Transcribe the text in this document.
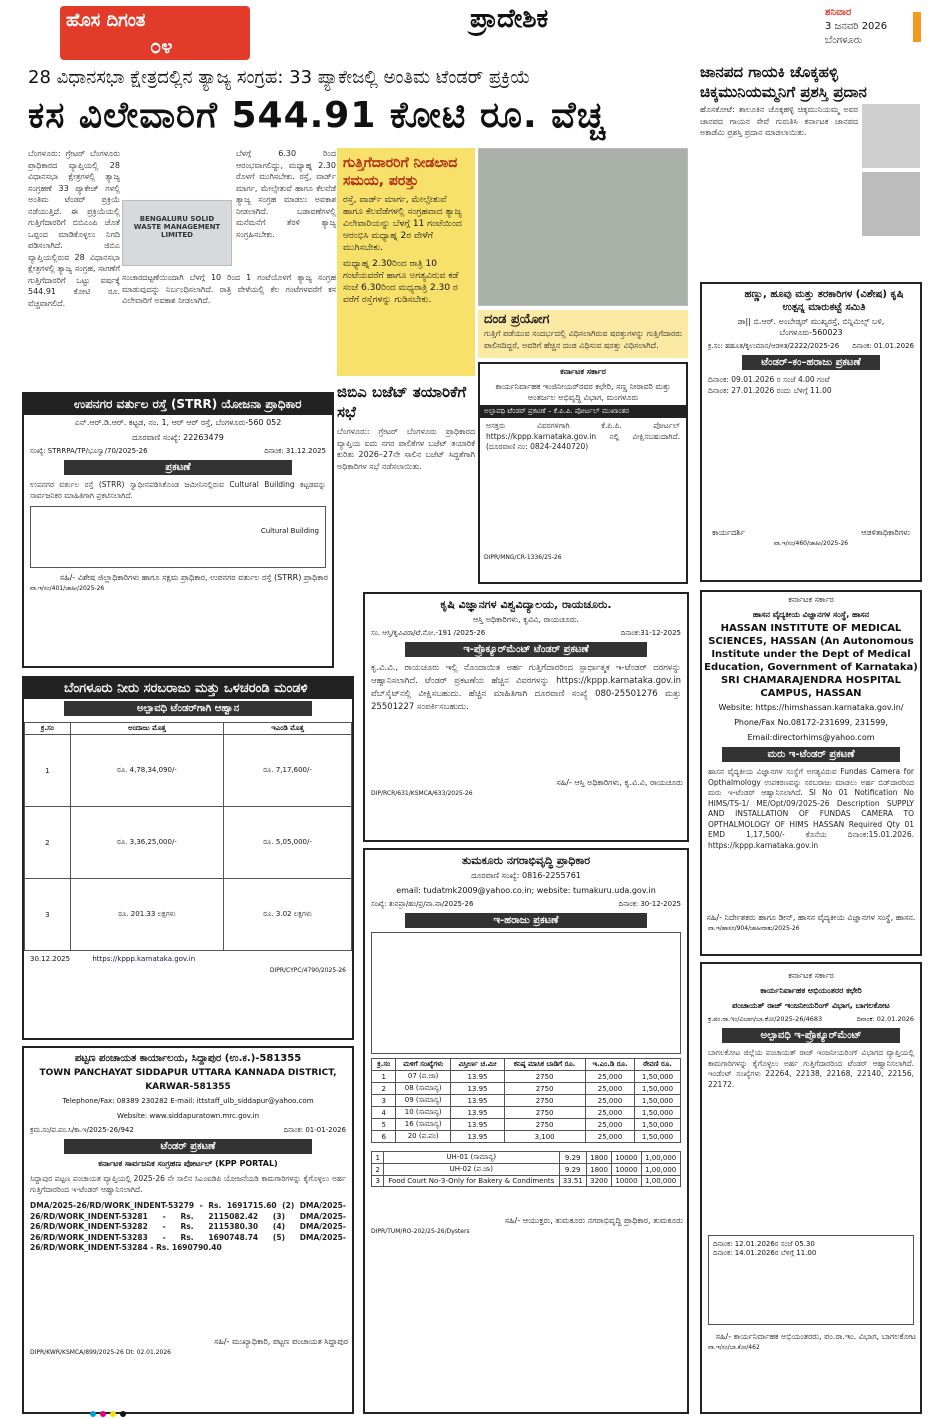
ಹೊಸ ದಿಗಂತ
೦೪
ಪ್ರಾದೇಶಿಕ	ಶನಿವಾರ
3 ಜನವರಿ 2026
ಬೆಂಗಳೂರು
28 ವಿಧಾನಸಭಾ ಕ್ಷೇತ್ರದಲ್ಲಿನ ತ್ಯಾಜ್ಯ ಸಂಗ್ರಹ: 33 ಪ್ಯಾಕೇಜಲ್ಲಿ ಅಂತಿಮ ಟೆಂಡರ್ ಪ್ರಕ್ರಿಯೆ
ಕಸ ವಿಲೇವಾರಿಗೆ 544.91 ಕೋಟಿ ರೂ. ವೆಚ್ಚ
ಬೆಂಗಳೂರು: ಗ್ರೇಟರ್ ಬೆಂಗಳೂರು ಪ್ರಾಧಿಕಾರದ ವ್ಯಾಪ್ತಿಯಲ್ಲಿ 28 ವಿಧಾನಸಭಾ ಕ್ಷೇತ್ರಗಳಲ್ಲಿ ತ್ಯಾಜ್ಯ ಸಂಗ್ರಹಣೆ 33 ಪ್ಯಾಕೇಜ್ ಗಳಲ್ಲಿ ಅಂತಿಮ ಟೆಂಡರ್ ಪ್ರಕ್ರಿಯೆ ನಡೆಯುತ್ತಿದೆ. ಈ ಪ್ರಕ್ರಿಯೆಯಲ್ಲಿ ಗುತ್ತಿಗೆದಾರರಿಗೆ ಬಿಬಿಎಂಪಿ ಜೊತೆ ಒಪ್ಪಂದ ಮಾಡಿಕೊಳ್ಳಲು ನಿಗದಿ ಪಡಿಸಲಾಗಿದೆ. ಜಿಬಿಎ ವ್ಯಾಪ್ತಿಯಲ್ಲಿರುವ 28 ವಿಧಾನಸಭಾ ಕ್ಷೇತ್ರಗಳಲ್ಲಿ ತ್ಯಾಜ್ಯ ಸಂಗ್ರಹ, ಸಾಗಣೆಗೆ ಗುತ್ತಿಗೆದಾರರಿಗೆ ಒಟ್ಟು ವರ್ಷಕ್ಕೆ 544.91 ಕೋಟಿ ರೂ. ವೆಚ್ಚವಾಗಲಿದೆ.
BENGALURU SOLID WASTE MANAGEMENT LIMITED
ಬೆಳಗ್ಗೆ 6.30 ರಿಂದ ಆರಂಭವಾಗಲಿದ್ದು, ಮಧ್ಯಾಹ್ನ 2.30 ರೊಳಗೆ ಮುಗಿಸಬೇಕು. ರಸ್ತೆ, ವಾರ್ಡ್ ಮಾರ್ಗ, ಮೇಲ್ಸೇತುವೆ ಹಾಗೂ ಕೆಲವೆಡೆ ತ್ಯಾಜ್ಯ ಸಂಗ್ರಹ ಮಾಡಲು ಅವಕಾಶ ನೀಡಲಾಗಿದೆ. ಬಡಾವಣೆಗಳಲ್ಲಿ ಮನೆಮನೆಗೆ ತೆರಳಿ ತ್ಯಾಜ್ಯ ಸಂಗ್ರಹಿಸಬೇಕು.
ಸಂಚಾರದಟ್ಟಣೆಯಿಂದಾಗಿ ಬೆಳಗ್ಗೆ 10 ರಿಂದ 1 ಗಂಟೆಯೊಳಗೆ ತ್ಯಾಜ್ಯ ಸಂಗ್ರಹ ಮಾಡುವುದನ್ನು ನಿರ್ಬಂಧಿಸಲಾಗಿದೆ. ರಾತ್ರಿ ವೇಳೆಯಲ್ಲಿ ಕೆಲ ಗಂಟೆಗಳವರೆಗೆ ಕಸ ವಿಲೇವಾರಿಗೆ ಅವಕಾಶ ನೀಡಲಾಗಿದೆ.
ಗುತ್ತಿಗೆದಾರರಿಗೆ ನೀಡಲಾದ ಸಮಯ, ಪರತ್ತು
ರಸ್ತೆ, ವಾರ್ಡ್ ಮಾರ್ಗ, ಮೇಲ್ಸೇತುವೆ ಹಾಗೂ ಕೆಲವೆಡೆಗಳಲ್ಲಿ ಸಂಗ್ರಹವಾದ ತ್ಯಾಜ್ಯ ವಿಲೇವಾರಿಯನ್ನು ಬೆಳಗ್ಗೆ 11 ಗಂಟೆಯಿಂದ ಆರಂಭಿಸಿ ಮಧ್ಯಾಹ್ನ 2ರ ವೇಳೆಗೆ ಮುಗಿಸಬೇಕು.
ಮಧ್ಯಾಹ್ನ 2.30ರಿಂದ ರಾತ್ರಿ 10 ಗಂಟೆಯವರೆಗೆ ಹಾಗೂ ಅಗತ್ಯವಿರುವ ಕಡೆ ಸಂಜೆ 6.30ರಿಂದ ಮಧ್ಯರಾತ್ರಿ 2.30 ರ ವರೆಗೆ ರಸ್ತೆಗಳನ್ನು ಗುಡಿಸಬೇಕು.
ದಂಡ ಪ್ರಯೋಗ
ಗುತ್ತಿಗೆ ಪಡೆಯುವ ಸಂದರ್ಭದಲ್ಲಿ ವಿಧಿಸಲಾಗಿರುವ ಷರತ್ತುಗಳನ್ನು ಗುತ್ತಿಗೆದಾರರು ಪಾಲಿಸದಿದ್ದರೆ, ಅವರಿಗೆ ಹೆಚ್ಚಿನ ದಂಡ ವಿಧಿಸುವ ಷರತ್ತು ವಿಧಿಸಲಾಗಿದೆ.
ಜಾನಪದ ಗಾಯಕಿ ಚೊಕ್ಕಹಳ್ಳಿ ಚಿಕ್ಕಮುನಿಯಮ್ಮನಿಗೆ ಪ್ರಶಸ್ತಿ ಪ್ರದಾನ
ಹೊಸಕೋಟೆ: ತಾಲೂಕಿನ ಚೊಕ್ಕಹಳ್ಳಿ ಚಿಕ್ಕಮುನಿಯಮ್ಮ ಅವರ ಜಾನಪದ ಗಾಯನ ಸೇವೆ ಗುರುತಿಸಿ ಕರ್ನಾಟಕ ಜಾನಪದ ಅಕಾಡೆಮಿ ಪ್ರಶಸ್ತಿ ಪ್ರದಾನ ಮಾಡಲಾಯಿತು.
ಹಣ್ಣು, ಹೂವು ಮತ್ತು ತರಕಾರಿಗಳ (ವಿಶೇಷ) ಕೃಷಿ ಉತ್ಪನ್ನ ಮಾರುಕಟ್ಟೆ ಸಮಿತಿ
ಡಾ|| ಬಿ.ಆರ್. ಅಂಬೇಡ್ಕರ್ ಮುಖ್ಯರಸ್ತೆ, ಬಿನ್ನಿಮಿಲ್ಸ್ ಬಳಿ, ಬೆಂಗಳೂರು-560023
ಕ್ರ.ಸಂ: ಹಹೂತ/ಕೃಉಮಾಸ/ಆಡಳಿತ/2222/2025-26 ದಿನಾಂಕ: 01.01.2026
ಟೆಂಡರ್–ಕಂ–ಹರಾಜು ಪ್ರಕಟಣೆ
ದಿನಾಂಕ: 09.01.2026 ರ ಸಂಜೆ 4.00 ಗಂಟೆ
ದಿನಾಂಕ: 27.01.2026 ರಂದು ಬೆಳಿಗ್ಗೆ 11.00
ಕಾರ್ಯದರ್ಶಿ	ಆಡಳಿತಾಧಿಕಾರಿಗಳು
ವಾ.ಇ/ಸಂ/460/ಜಾಹೀ/2025-26
ಜಿಬಿಎ ಬಜೆಟ್ ತಯಾರಿಕೆಗೆ ಸಭೆ
ಬೆಂಗಳೂರು: ಗ್ರೇಟರ್ ಬೆಂಗಳೂರು ಪ್ರಾಧಿಕಾರದ ವ್ಯಾಪ್ತಿಯ ಐದು ನಗರ ಪಾಲಿಕೆಗಳ ಬಜೆಟ್ ತಯಾರಿಕೆ ಕುರಿತು 2026–27ನೇ ಸಾಲಿನ ಬಜೆಟ್ ಸಿದ್ಧತೆಗಾಗಿ ಅಧಿಕಾರಿಗಳ ಸಭೆ ನಡೆಸಲಾಯಿತು.
ಕರ್ನಾಟಕ ಸರ್ಕಾರ
ಕಾರ್ಯನಿರ್ವಾಹಕ ಇಂಜಿನೀಯರ್‌ರವರ ಕಛೇರಿ, ಸಣ್ಣ ನೀರಾವರಿ ಮತ್ತು ಅಂತರ್ಜಲ ಅಭಿವೃದ್ಧಿ ವಿಭಾಗ, ಮಂಗಳೂರು
ಅಲ್ಪಾವಧಿ ಟೆಂಡರ್ ಪ್ರಕಟಣೆ – ಕೆ.ಪಿ.ಪಿ. ಪೋರ್ಟಲ್ ಮುಖಾಂತರ
ಆಸಕ್ತರು ವಿವರಗಳಿಗಾಗಿ ಕೆ.ಪಿ.ಪಿ. ಪೋರ್ಟಲ್ https://kppp.karnataka.gov.in ನಲ್ಲಿ ವೀಕ್ಷಿಸಬಹುದಾಗಿದೆ. (ದೂರವಾಣಿ ನಂ: 0824-2440720)
DIPR/MNG/CR-1336/25-26
ಉಪನಗರ ವರ್ತುಲ ರಸ್ತೆ (STRR) ಯೋಜನಾ ಪ್ರಾಧಿಕಾರ
ಎನ್.ಆರ್.ಡಿ.ಆರ್. ಕಟ್ಟಡ, ನಂ. 1, ಆರ್ ಆರ್ ರಸ್ತೆ, ಬೆಂಗಳೂರು-560 052
ದೂರವಾಣಿ ಸಂಖ್ಯೆ: 22263479
ಸಂಖ್ಯೆ: STRRPA/TP/ಭೂಸ್ವಾ/70/2025-26	ದಿನಾಂಕ: 31.12.2025
ಪ್ರಕಟಣೆ
ಉಪನಗರ ವರ್ತುಲ ರಸ್ತೆ (STRR) ಸ್ವಾಧೀನಪಡಿಸಿಕೊಂಡ ಜಮೀನಿನಲ್ಲಿರುವ Cultural Building ಕಟ್ಟಡವನ್ನು ಸಾರ್ವಜನಿಕರ ಮಾಹಿತಿಗಾಗಿ ಪ್ರಕಟಿಸಲಾಗಿದೆ.
Cultural Building
ಸಹಿ/- ವಿಶೇಷ ಜಿಲ್ಲಾಧಿಕಾರಿಗಳು ಹಾಗೂ ಸಕ್ಷಮ ಪ್ರಾಧಿಕಾರ, ಉಪನಗರ ವರ್ತುಲ ರಸ್ತೆ (STRR) ಪ್ರಾಧಿಕಾರ
ವಾ.ಇ/ಸಂ/401/ಜಾಹೀ/2025-26
ಬೆಂಗಳೂರು ನೀರು ಸರಬರಾಜು ಮತ್ತು ಒಳಚರಂಡಿ ಮಂಡಳಿ
ಅಲ್ಪಾವಧಿ ಟೆಂಡರ್‌ಗಾಗಿ ಆಹ್ವಾನ
ಕ್ರ.ಸಂ	ಅಂದಾಜು ಮೊತ್ತ	ಇಎಂಡಿ ಮೊತ್ತ
1	ರೂ. 4,78,34,090/-	ರೂ. 7,17,600/-
2	ರೂ. 3,36,25,000/-	ರೂ. 5,05,000/-
3	ರೂ. 201.33 ಲಕ್ಷಗಳು	ರೂ. 3.02 ಲಕ್ಷಗಳು
30.12.2025	https://kppp.karnataka.gov.in
DIPR/CYPC/4790/2025-26
ಕೃಷಿ ವಿಜ್ಞಾನಗಳ ವಿಶ್ವವಿದ್ಯಾಲಯ, ರಾಯಚೂರು.
ಆಸ್ತಿ ಅಧಿಕಾರಿಗಳು, ಕೃವಿವಿ, ರಾಯಚೂರು.
ಸಂ. ಆಸ್ತಿ/ಕೃವಿವಿರಾ/ಟೆ.ನೋ.-191 /2025-26	ದಿನಾಂಕ:31-12-2025
ಇ-ಪ್ರೊಕ್ಯೂರ್‌ಮೆಂಟ್ ಟೆಂಡರ್ ಪ್ರಕಟಣೆ
ಕೃ.ವಿ.ವಿ., ರಾಯಚೂರು ಇಲ್ಲಿ ನೊಂದಾಯಿತ ಅರ್ಹ ಗುತ್ತಿಗೆದಾರರಿಂದ ಸ್ಪಾರ್ಧಾತ್ಮಕ ಇ-ಟೆಂಡರ್ ದರಗಳನ್ನು ಆಹ್ವಾನಿಸಲಾಗಿದೆ. ಟೆಂಡರ್ ಪ್ರಕಟಣೆಯ ಹೆಚ್ಚಿನ ವಿವರಗಳನ್ನು https://kppp.karnataka.gov.in ವೆಬ್‌ಸೈಟ್‌ನಲ್ಲಿ ವೀಕ್ಷಿಸಬಹುದು. ಹೆಚ್ಚಿನ ಮಾಹಿತಿಗಾಗಿ ದೂರವಾಣಿ ಸಂಖ್ಯೆ 080-25501276 ಮತ್ತು 25501227 ಸಂಪರ್ಕಿಸಬಹುದು.
ಸಹಿ/- ಆಸ್ತಿ ಅಧಿಕಾರಿಗಳು, ಕೃ.ವಿ.ವಿ, ರಾಯಚೂರು
DIP/RCR/631/KSMCA/633/2025-26
ಕರ್ನಾಟಕ ಸರ್ಕಾರ
ಹಾಸನ ವೈದ್ಯಕೀಯ ವಿಜ್ಞಾನಗಳ ಸಂಸ್ಥೆ, ಹಾಸನ
HASSAN INSTITUTE OF MEDICAL SCIENCES, HASSAN (An Autonomous Institute under the Dept of Medical Education, Government of Karnataka) SRI CHAMARAJENDRA HOSPITAL CAMPUS, HASSAN
Website: https://himshassan.karnataka.gov.in/
Phone/Fax No.08172-231699, 231599,
Email:directorhims@yahoo.com
ಮರು ಇ-ಟೆಂಡರ್ ಪ್ರಕಟಣೆ
ಹಾಸನ ವೈದ್ಯಕೀಯ ವಿಜ್ಞಾನಗಳ ಸಂಸ್ಥೆಗೆ ಅಗತ್ಯವಿರುವ Fundas Camera for Opthalmology ಉಪಕರಣವನ್ನು ಸರಬರಾಜು ಮಾಡಲು ಅರ್ಹ ಬಿಡ್‌ದಾರರಿಂದ ಮರು ಇ-ಟೆಂಡರ್ ಆಹ್ವಾನಿಸಲಾಗಿದೆ. Sl No 01 Notification No HIMS/TS-1/ ME/Opt/09/2025-26 Description SUPPLY AND INSTALLATION OF FUNDAS CAMERA TO OPTHALMOLOGY OF HIMS HASSAN Required Qty 01 EMD 1,17,500/- ಕೊನೆಯ ದಿನಾಂಕ:15.01.2026. https://kppp.karnataka.gov.in
ಸಹಿ/- ನಿರ್ದೇಶಕರು ಹಾಗೂ ಡೀನ್, ಹಾಸನ ವೈದ್ಯಕೀಯ ವಿಜ್ಞಾನಗಳ ಸಂಸ್ಥೆ, ಹಾಸನ.
ವಾ.ಇ/ಹಾಸನ/904/ಜಾಹೀರಾತು/2025-26
ತುಮಕೂರು ನಗರಾಭಿವೃದ್ಧಿ ಪ್ರಾಧಿಕಾರ
ದೂರವಾಣಿ ಸಂಖ್ಯೆ: 0816-2255761
email: tudatmk2009@yahoo.co.in; website: tumakuru.uda.gov.in
ಸಂಖ್ಯೆ: ತುನಪ್ರಾ/ಹಂ/ಪ್ರ/ವಾ.ವಾ/2025-26	ದಿನಾಂಕ: 30-12-2025
ಇ-ಹರಾಜು ಪ್ರಕಟಣೆ
ಕ್ರ.ಸಂ	ಮಳಿಗೆ ಸಂಖ್ಯೆಗಳು	ವಿಸ್ತೀರ್ಣ ಚ.ಮೀ	ಕನಿಷ್ಠ ಮಾಸಿಕ ಬಾಡಿಗೆ ರೂ.	ಇ.ಎಂ.ಡಿ ರೂ.	ಠೇವಣಿ ರೂ.
1	07 (ಪ.ಜಾ)	13.95	2750	25,000	1,50,000
2	08 (ಸಾಮಾನ್ಯ)	13.95	2750	25,000	1,50,000
3	09 (ಸಾಮಾನ್ಯ)	13.95	2750	25,000	1,50,000
4	10 (ಸಾಮಾನ್ಯ)	13.95	2750	25,000	1,50,000
5	16 (ಸಾಮಾನ್ಯ)	13.95	2750	25,000	1,50,000
6	20 (ಪ.ಪಂ)	13.95	3,100	25,000	1,50,000
1	UH-01 (ಸಾಮಾನ್ಯ)	9.29	1800	10000	1,00,000
2	UH-02 (ಪ.ಜಾ)	9.29	1800	10000	1,00,000
3	Food Court No-3-Only for Bakery & Condiments	33.51	3200	10000	1,00,000
ಸಹಿ/- ಆಯುಕ್ತರು, ತುಮಕೂರು ನಗರಾಭಿವೃದ್ಧಿ ಪ್ರಾಧಿಕಾರ, ತುಮಕೂರು
DIPR/TUM/RO-202/25-26/Dysters
ಪಟ್ಟಣ ಪಂಚಾಯತ ಕಾರ್ಯಾಲಯ, ಸಿದ್ದಾಪುರ (ಉ.ಕ.)-581355
TOWN PANCHAYAT SIDDAPUR UTTARA KANNADA DISTRICT, KARWAR-581355
Telephone/Fax: 08389 230282 E-mail: ittstaff_ulb_siddapur@yahoo.com
Website: www.siddapuratown.mrc.gov.in
ಕ್ರಮ.ಸಂ/ಪ.ಪಂ.ಸಿ/ಕಾ.ಇ/2025-26/942	ದಿನಾಂಕ: 01-01-2026
ಟೆಂಡರ್ ಪ್ರಕಟಣೆ
ಕರ್ನಾಟಕ ಸಾರ್ವಜನಿಕ ಸಂಗ್ರಹಣ ಪೋರ್ಟಲ್ (KPP PORTAL)
ಸಿದ್ದಾಪುರ ಪಟ್ಟಣ ಪಂಚಾಯತ ವ್ಯಾಪ್ತಿಯಲ್ಲಿ 2025-26 ನೇ ಸಾಲಿನ ಸಿಎಂಐಡಿಪಿ ಯೋಜನೆಯಡಿ ಕಾಮಗಾರಿಗಳನ್ನು ಕೈಗೊಳ್ಳಲು ಅರ್ಹ ಗುತ್ತಿಗೆದಾರರಿಂದ ಇ-ಟೆಂಡರ್ ಆಹ್ವಾನಿಸಲಾಗಿದೆ.
DMA/2025-26/RD/WORK_INDENT-53279 - Rs. 1691715.60 (2) DMA/2025-26/RD/WORK_INDENT-53281 - Rs. 2115082.42 (3) DMA/2025-26/RD/WORK_INDENT-53282 - Rs. 2115380.30 (4) DMA/2025-26/RD/WORK_INDENT-53283 - Rs. 1690748.74 (5) DMA/2025-26/RD/WORK_INDENT-53284 - Rs. 1690790.40
ಸಹಿ/- ಮುಖ್ಯಾಧಿಕಾರಿ, ಪಟ್ಟಣ ಪಂಚಾಯತ ಸಿದ್ದಾಪುರ
DIPR/KWR/KSMCA/899/2025-26 Dt: 02.01.2026
ಕರ್ನಾಟಕ ಸರ್ಕಾರ
ಕಾರ್ಯನಿರ್ವಾಹಕ ಅಭಿಯಂತರರ ಕಛೇರಿ
ಪಂಚಾಯತ್ ರಾಜ್ ಇಂಜನೀಯರಿಂಗ್ ವಿಭಾಗ, ಬಾಗಲಕೋಟ
ಕ್ರ.ಪಂ.ರಾ.ಇಂ/ವಿಬಾಗ/ಬಾ.ಕೋ/2025-26/4683	ದಿನಾಂಕ: 02.01.2026
ಅಲ್ಪಾವಧಿ ಇ-ಪ್ರೊಕ್ಯೂರ್‌ಮೆಂಟ್
ಬಾಗಲಕೋಟ ಜಿಲ್ಲೆಯ ಪಂಚಾಯತ್ ರಾಜ್ ಇಂಜನೀಯರಿಂಗ್ ವಿಭಾಗದ ವ್ಯಾಪ್ತಿಯಲ್ಲಿ ಕಾಮಗಾರಿಗಳನ್ನು ಕೈಗೊಳ್ಳಲು ಅರ್ಹ ಗುತ್ತಿಗೆದಾರರಿಂದ ಟೆಂಡರ್ ಆಹ್ವಾನಿಸಲಾಗಿದೆ. ಇಂಡೆಂಟ್ ಸಂಖ್ಯೆಗಳು 22264, 22138, 22168, 22140, 22156, 22172.
ದಿನಾಂಕ: 12.01.2026ರ ಸಂಜೆ 05.30
ದಿನಾಂಕ: 14.01.2026ರ ಬೆಳಿಗ್ಗೆ 11.00
ಸಹಿ/- ಕಾರ್ಯನಿರ್ವಾಹಕ ಅಭಿಯಂತರರು, ಪಂ.ರಾ.ಇಂ. ವಿಭಾಗ, ಬಾಗಲಕೋಟ
ವಾ.ಇ/ಸಂ/ಬಾ.ಕೋ/462
